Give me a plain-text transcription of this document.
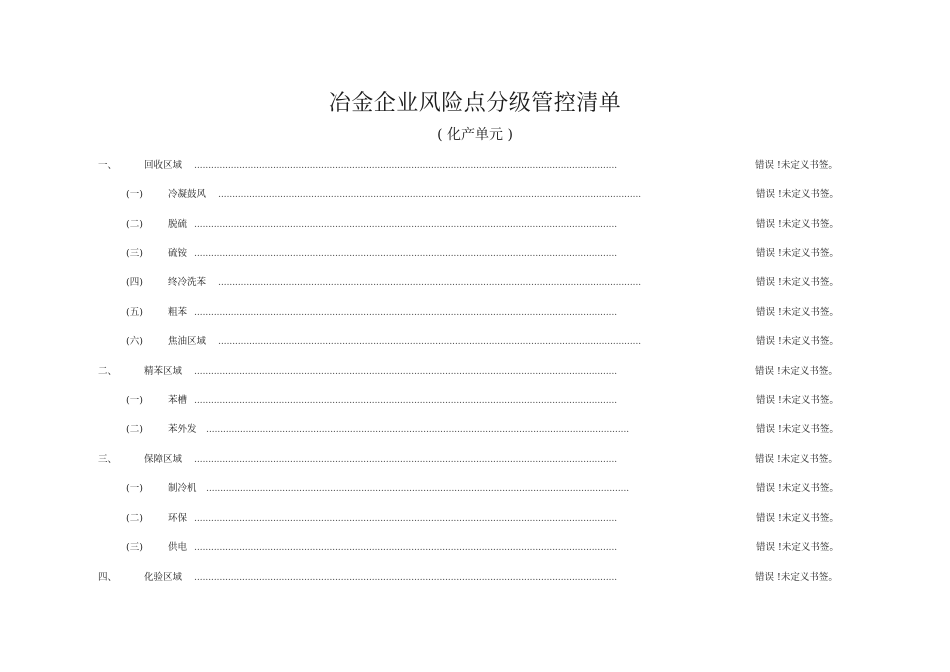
冶金企业风险点分级管控清单
( 化产单元 )
一、	回收区域 ......................................................................................................................................................	错误 !未定义书签。
(一)	冷凝鼓风 ......................................................................................................................................................	错误 !未定义书签。
(二)	脱硫 ......................................................................................................................................................	错误 !未定义书签。
(三)	硫铵 ......................................................................................................................................................	错误 !未定义书签。
(四)	终冷洗苯 ......................................................................................................................................................	错误 !未定义书签。
(五)	粗苯 ......................................................................................................................................................	错误 !未定义书签。
(六)	焦油区域 ......................................................................................................................................................	错误 !未定义书签。
二、	精苯区域 ......................................................................................................................................................	错误 !未定义书签。
(一)	苯槽 ......................................................................................................................................................	错误 !未定义书签。
(二)	苯外发 ......................................................................................................................................................	错误 !未定义书签。
三、	保障区域 ......................................................................................................................................................	错误 !未定义书签。
(一)	制冷机 ......................................................................................................................................................	错误 !未定义书签。
(二)	环保 ......................................................................................................................................................	错误 !未定义书签。
(三)	供电 ......................................................................................................................................................	错误 !未定义书签。
四、	化验区域 ......................................................................................................................................................	错误 !未定义书签。
